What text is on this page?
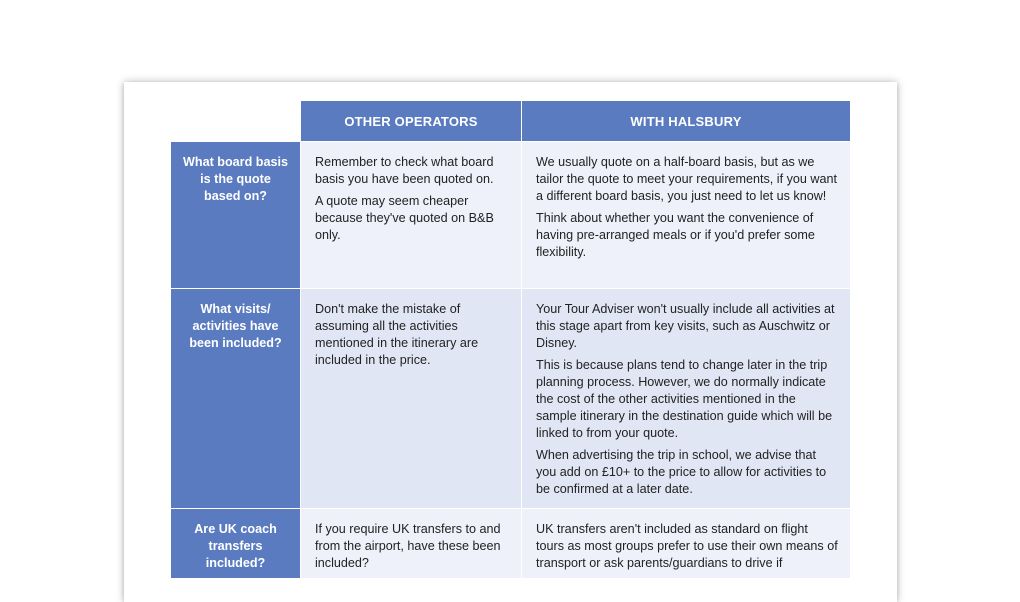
OTHER OPERATORS	WITH HALSBURY
What board basis is the quote based on?

Remember to check what board basis you have been quoted on.

A quote may seem cheaper because they've quoted on B&B only.

We usually quote on a half-board basis, but as we tailor the quote to meet your requirements, if you want a different board basis, you just need to let us know!

Think about whether you want the convenience of having pre-arranged meals or if you'd prefer some flexibility.

What visits/ activities have been included?

Don't make the mistake of assuming all the activities mentioned in the itinerary are included in the price.

Your Tour Adviser won't usually include all activities at this stage apart from key visits, such as Auschwitz or Disney.

This is because plans tend to change later in the trip planning process. However, we do normally indicate the cost of the other activities mentioned in the sample itinerary in the destination guide which will be linked to from your quote.

When advertising the trip in school, we advise that you add on £10+ to the price to allow for activities to be confirmed at a later date.

Are UK coach transfers included?

If you require UK transfers to and from the airport, have these been included?

UK transfers aren't included as standard on flight tours as most groups prefer to use their own means of transport or ask parents/guardians to drive if
